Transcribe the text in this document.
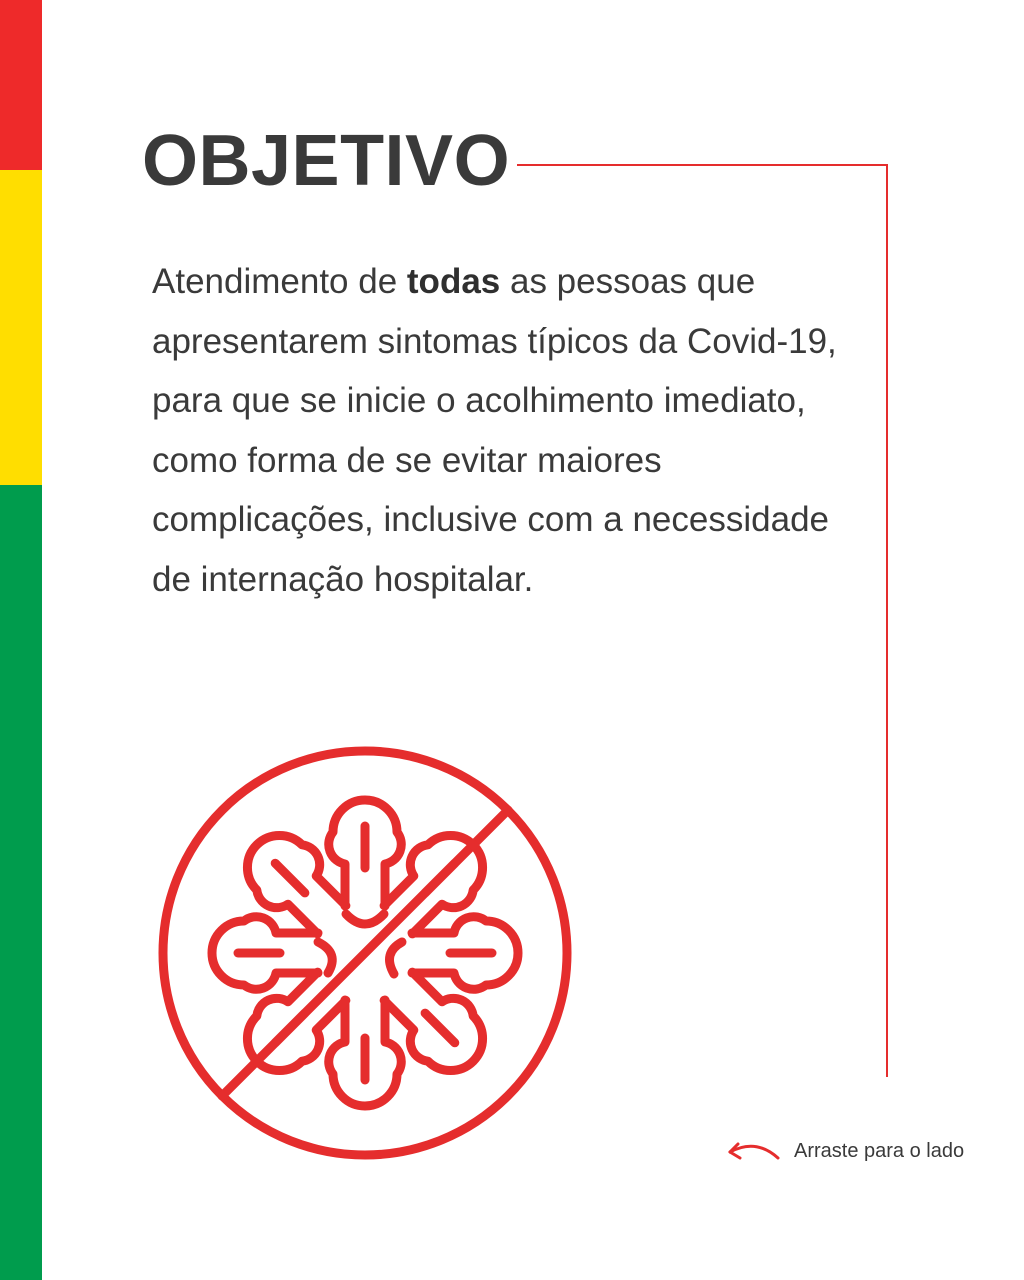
OBJETIVO

Atendimento de todas as pessoas que apresentarem sintomas típicos da Covid-19, para que se inicie o acolhimento imediato, como forma de se evitar maiores complicações, inclusive com a necessidade de internação hospitalar.

Arraste para o lado
